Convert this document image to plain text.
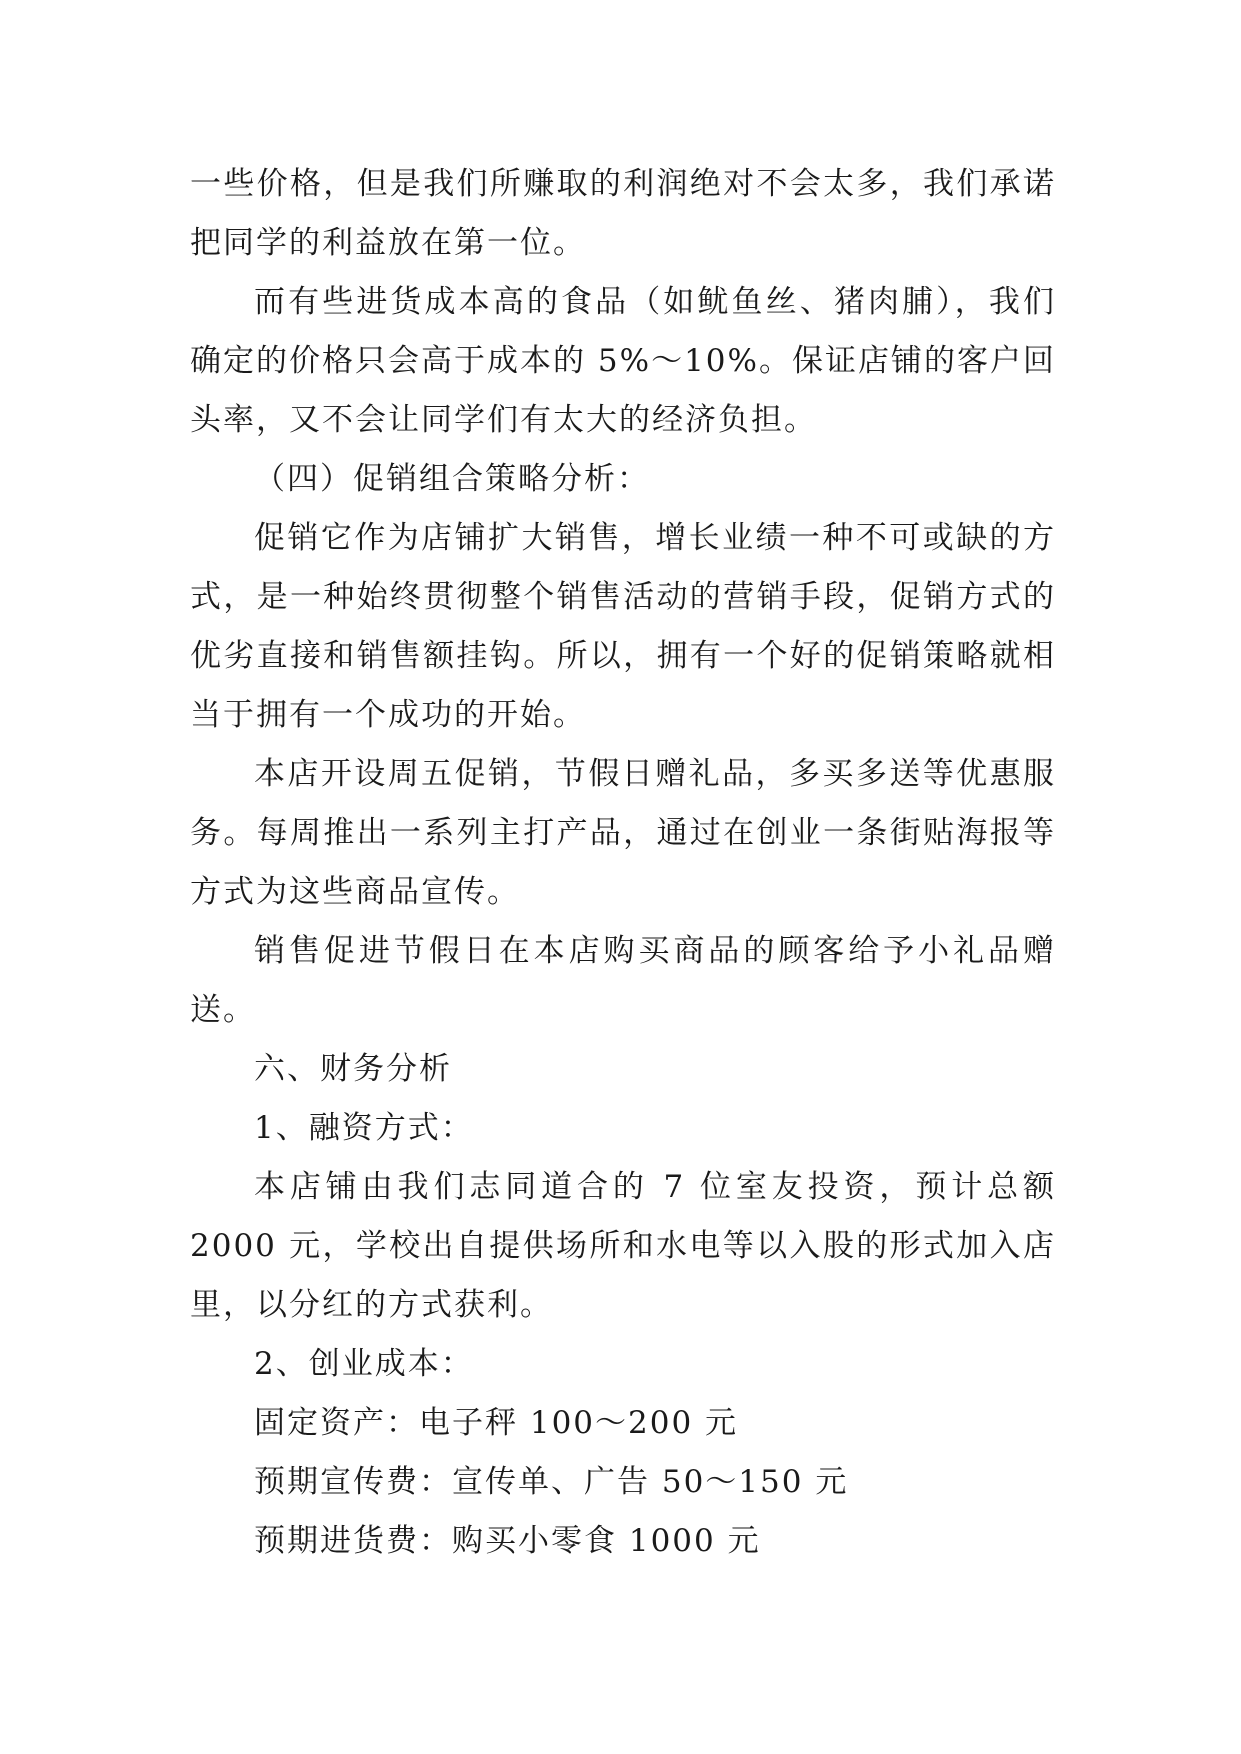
一些价格，但是我们所赚取的利润绝对不会太多，我们承诺把同学的利益放在第一位。

而有些进货成本高的食品（如鱿鱼丝、猪肉脯），我们确定的价格只会高于成本的 5%～10%。保证店铺的客户回头率，又不会让同学们有太大的经济负担。

（四）促销组合策略分析：

促销它作为店铺扩大销售，增长业绩一种不可或缺的方式，是一种始终贯彻整个销售活动的营销手段，促销方式的优劣直接和销售额挂钩。所以，拥有一个好的促销策略就相当于拥有一个成功的开始。

本店开设周五促销，节假日赠礼品，多买多送等优惠服务。每周推出一系列主打产品，通过在创业一条街贴海报等方式为这些商品宣传。

销售促进节假日在本店购买商品的顾客给予小礼品赠送。

六、财务分析

1、融资方式：

本店铺由我们志同道合的 7 位室友投资，预计总额 2000 元，学校出自提供场所和水电等以入股的形式加入店里，以分红的方式获利。

2、创业成本：

固定资产：电子秤 100～200 元

预期宣传费：宣传单、广告 50～150 元

预期进货费：购买小零食 1000 元
